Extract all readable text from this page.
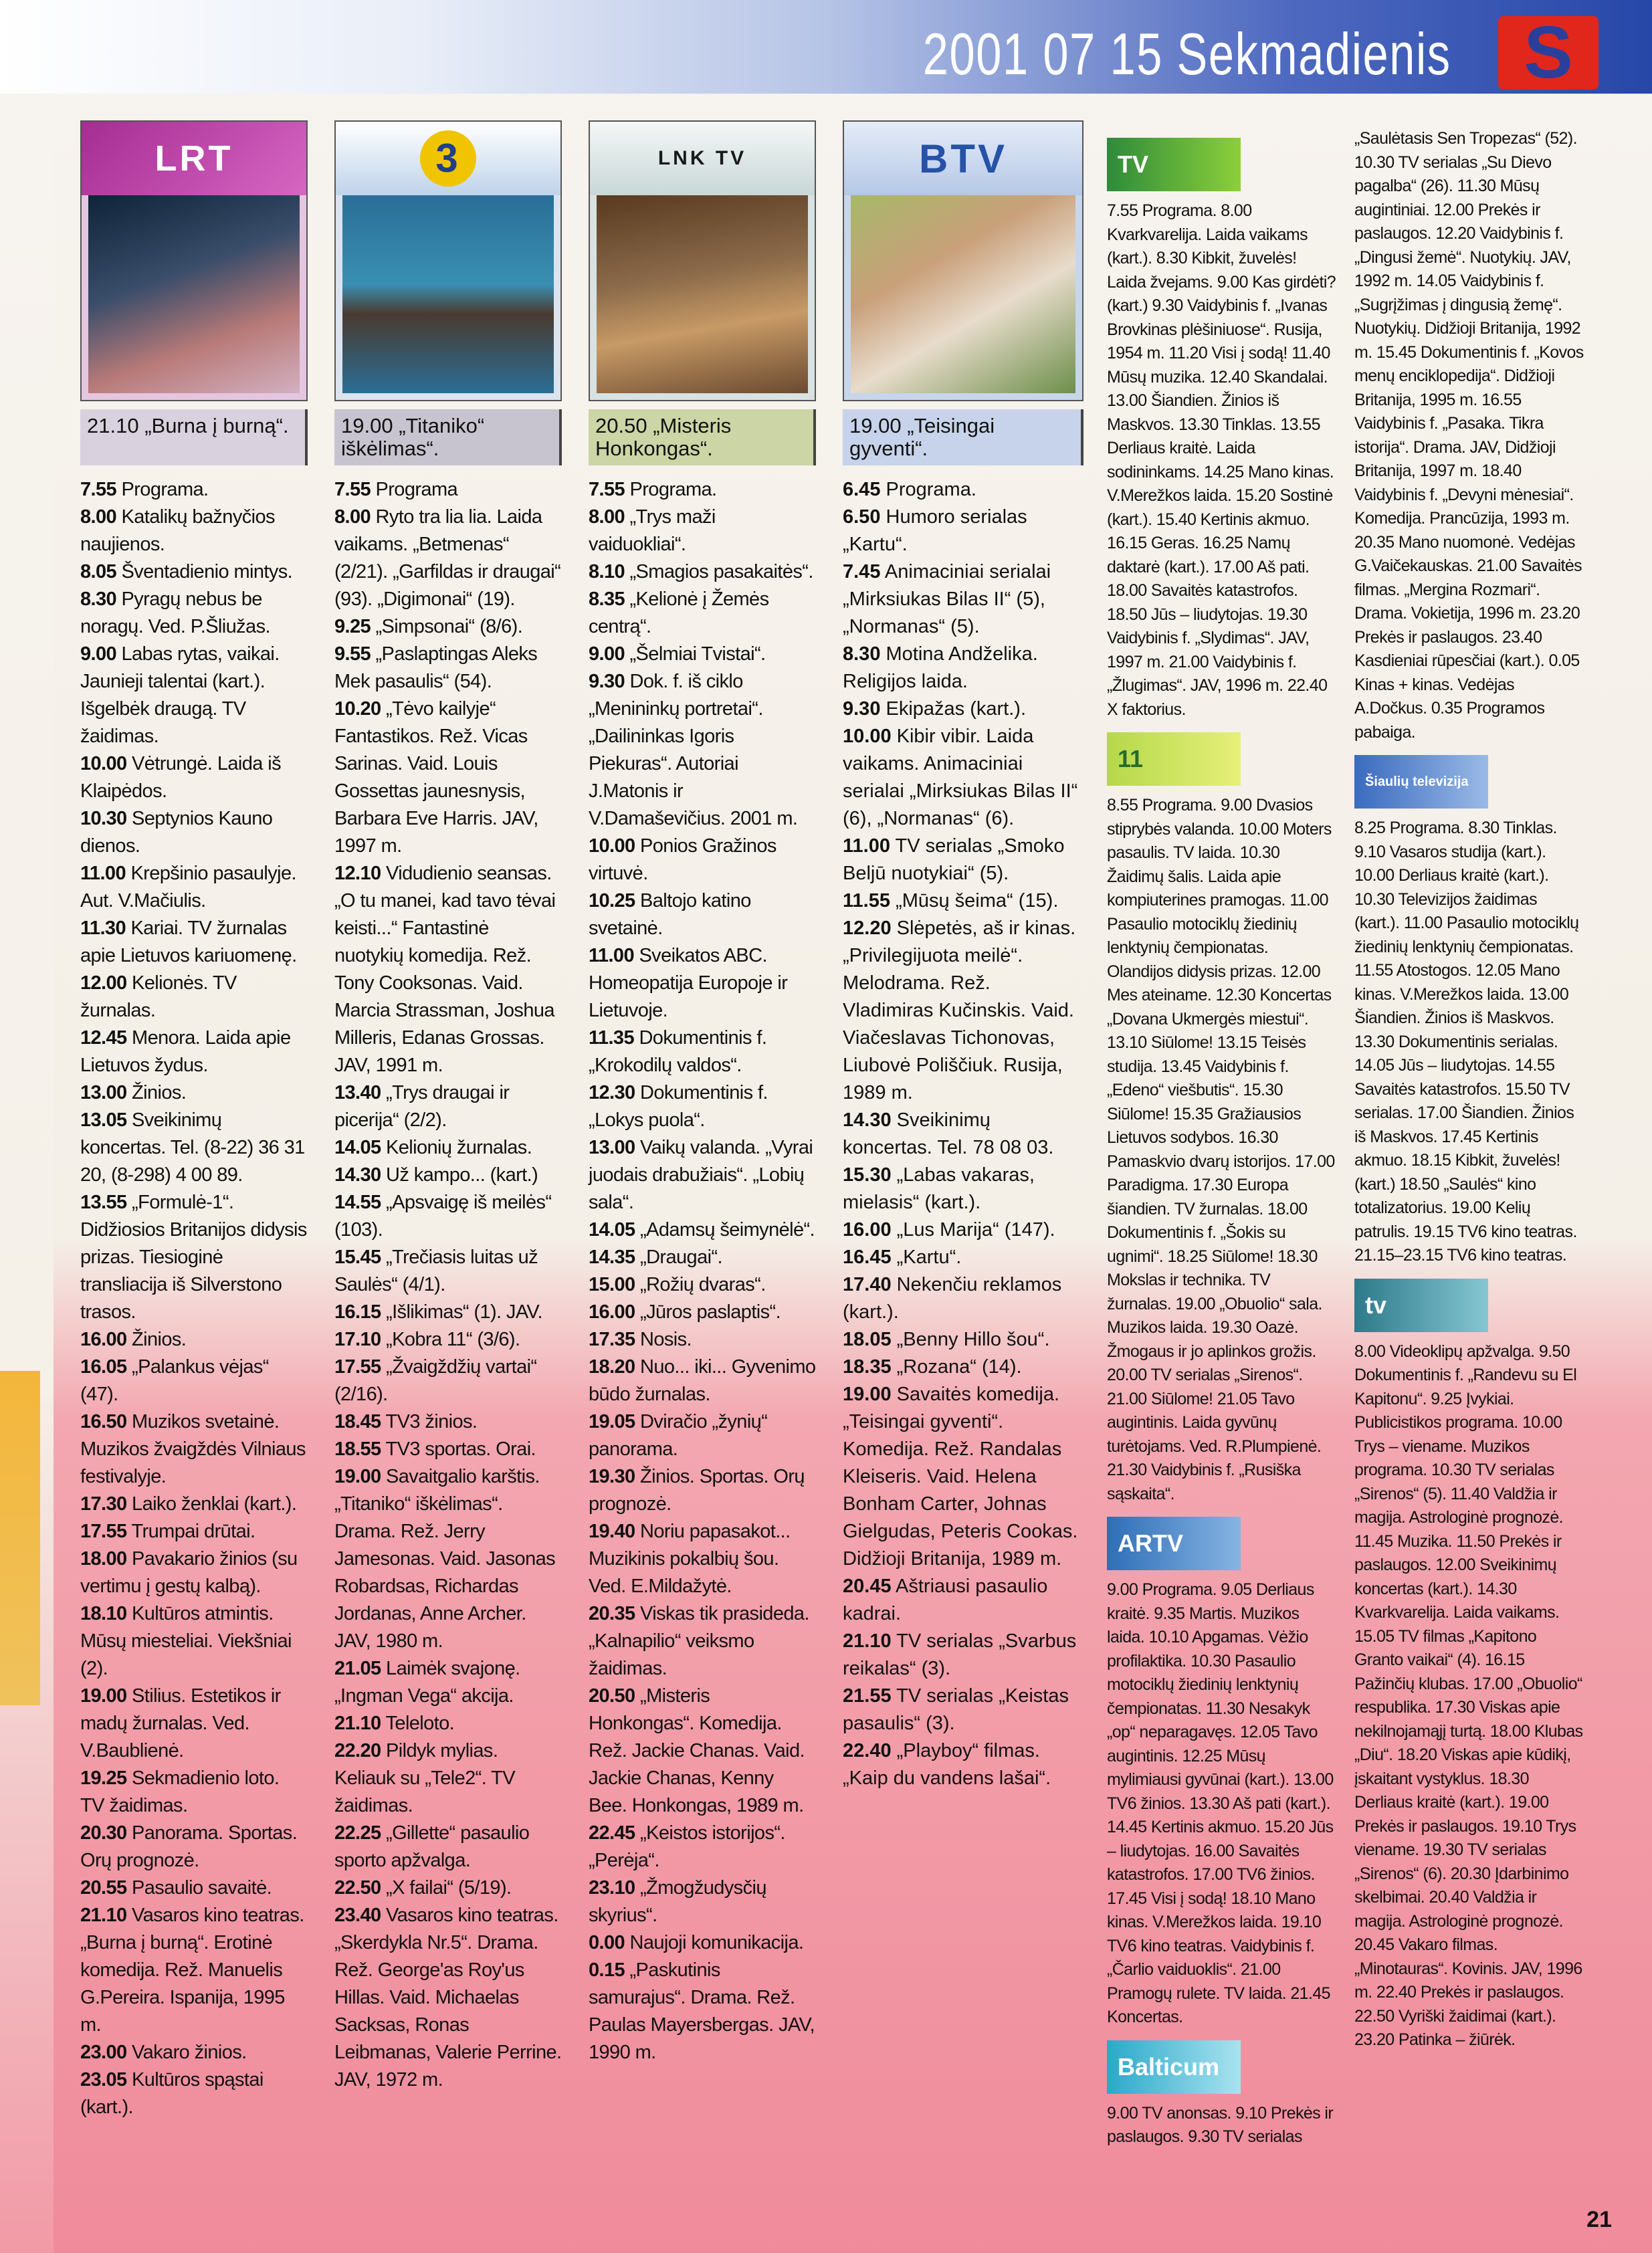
2001 07 15 Sekmadienis S
LRT
21.10 „Burna į burną“.
7.55 Programa.
8.00 Katalikų bažnyčios naujienos.
8.05 Šventadienio mintys.
8.30 Pyragų nebus be noragų. Ved. P.Šliužas.
9.00 Labas rytas, vaikai. Jaunieji talentai (kart.). Išgelbėk draugą. TV žaidimas.
10.00 Vėtrungė. Laida iš Klaipėdos.
10.30 Septynios Kauno dienos.
11.00 Krepšinio pasaulyje. Aut. V.Mačiulis.
11.30 Kariai. TV žurnalas apie Lietuvos kariuomenę.
12.00 Kelionės. TV žurnalas.
12.45 Menora. Laida apie Lietuvos žydus.
13.00 Žinios.
13.05 Sveikinimų koncertas. Tel. (8-22) 36 31 20, (8-298) 4 00 89.
13.55 „Formulė-1“. Didžiosios Britanijos didysis prizas. Tiesioginė transliacija iš Silverstono trasos.
16.00 Žinios.
16.05 „Palankus vėjas“ (47).
16.50 Muzikos svetainė. Muzikos žvaigždės Vilniaus festivalyje.
17.30 Laiko ženklai (kart.).
17.55 Trumpai drūtai.
18.00 Pavakario žinios (su vertimu į gestų kalbą).
18.10 Kultūros atmintis. Mūsų miesteliai. Viekšniai (2).
19.00 Stilius. Estetikos ir madų žurnalas. Ved. V.Baublienė.
19.25 Sekmadienio loto. TV žaidimas.
20.30 Panorama. Sportas. Orų prognozė.
20.55 Pasaulio savaitė.
21.10 Vasaros kino teatras. „Burna į burną“. Erotinė komedija. Rež. Manuelis G.Pereira. Ispanija, 1995 m.
23.00 Vakaro žinios.
23.05 Kultūros spąstai (kart.).
3
19.00 „Titaniko“ iškėlimas“.
7.55 Programa
8.00 Ryto tra lia lia. Laida vaikams. „Betmenas“ (2/21). „Garfildas ir draugai“ (93). „Digimonai“ (19).
9.25 „Simpsonai“ (8/6).
9.55 „Paslaptingas Aleks Mek pasaulis“ (54).
10.20 „Tėvo kailyje“ Fantastikos. Rež. Vicas Sarinas. Vaid. Louis Gossettas jaunesnysis, Barbara Eve Harris. JAV, 1997 m.
12.10 Vidudienio seansas. „O tu manei, kad tavo tėvai keisti...“ Fantastinė nuotykių komedija. Rež. Tony Cooksonas. Vaid. Marcia Strassman, Joshua Milleris, Edanas Grossas. JAV, 1991 m.
13.40 „Trys draugai ir picerija“ (2/2).
14.05 Kelionių žurnalas.
14.30 Už kampo... (kart.)
14.55 „Apsvaigę iš meilės“ (103).
15.45 „Trečiasis luitas už Saulės“ (4/1).
16.15 „Išlikimas“ (1). JAV.
17.10 „Kobra 11“ (3/6).
17.55 „Žvaigždžių vartai“ (2/16).
18.45 TV3 žinios.
18.55 TV3 sportas. Orai.
19.00 Savaitgalio karštis. „Titaniko“ iškėlimas“. Drama. Rež. Jerry Jamesonas. Vaid. Jasonas Robardsas, Richardas Jordanas, Anne Archer. JAV, 1980 m.
21.05 Laimėk svajonę. „Ingman Vega“ akcija.
21.10 Teleloto.
22.20 Pildyk mylias. Keliauk su „Tele2“. TV žaidimas.
22.25 „Gillette“ pasaulio sporto apžvalga.
22.50 „X failai“ (5/19).
23.40 Vasaros kino teatras. „Skerdykla Nr.5“. Drama. Rež. George'as Roy'us Hillas. Vaid. Michaelas Sacksas, Ronas Leibmanas, Valerie Perrine. JAV, 1972 m.
LNK TV
20.50 „Misteris Honkongas“.
7.55 Programa.
8.00 „Trys maži vaiduokliai“.
8.10 „Smagios pasakaitės“.
8.35 „Kelionė į Žemės centrą“.
9.00 „Šelmiai Tvistai“.
9.30 Dok. f. iš ciklo „Menininkų portretai“. „Dailininkas Igoris Piekuras“. Autoriai J.Matonis ir V.Damaševičius. 2001 m.
10.00 Ponios Gražinos virtuvė.
10.25 Baltojo katino svetainė.
11.00 Sveikatos ABC. Homeopatija Europoje ir Lietuvoje.
11.35 Dokumentinis f. „Krokodilų valdos“.
12.30 Dokumentinis f. „Lokys puola“.
13.00 Vaikų valanda. „Vyrai juodais drabužiais“. „Lobių sala“.
14.05 „Adamsų šeimynėlė“.
14.35 „Draugai“.
15.00 „Rožių dvaras“.
16.00 „Jūros paslaptis“.
17.35 Nosis.
18.20 Nuo... iki... Gyvenimo būdo žurnalas.
19.05 Dviračio „žynių“ panorama.
19.30 Žinios. Sportas. Orų prognozė.
19.40 Noriu papasakot... Muzikinis pokalbių šou. Ved. E.Mildažytė.
20.35 Viskas tik prasideda. „Kalnapilio“ veiksmo žaidimas.
20.50 „Misteris Honkongas“. Komedija. Rež. Jackie Chanas. Vaid. Jackie Chanas, Kenny Bee. Honkongas, 1989 m.
22.45 „Keistos istorijos“. „Perėja“.
23.10 „Žmogžudysčių skyrius“.
0.00 Naujoji komunikacija.
0.15 „Paskutinis samurajus“. Drama. Rež. Paulas Mayersbergas. JAV, 1990 m.
BTV
19.00 „Teisingai gyventi“.
6.45 Programa.
6.50 Humoro serialas „Kartu“.
7.45 Animaciniai serialai „Mirksiukas Bilas II“ (5), „Normanas“ (5).
8.30 Motina Andželika. Religijos laida.
9.30 Ekipažas (kart.).
10.00 Kibir vibir. Laida vaikams. Animaciniai serialai „Mirksiukas Bilas II“ (6), „Normanas“ (6).
11.00 TV serialas „Smoko Beljū nuotykiai“ (5).
11.55 „Mūsų šeima“ (15).
12.20 Slėpetės, aš ir kinas. „Privilegijuota meilė“. Melodrama. Rež. Vladimiras Kučinskis. Vaid. Viačeslavas Tichonovas, Liubovė Poliščiuk. Rusija, 1989 m.
14.30 Sveikinimų koncertas. Tel. 78 08 03.
15.30 „Labas vakaras, mielasis“ (kart.).
16.00 „Lus Marija“ (147).
16.45 „Kartu“.
17.40 Nekenčiu reklamos (kart.).
18.05 „Benny Hillo šou“.
18.35 „Rozana“ (14).
19.00 Savaitės komedija. „Teisingai gyventi“. Komedija. Rež. Randalas Kleiseris. Vaid. Helena Bonham Carter, Johnas Gielgudas, Peteris Cookas. Didžioji Britanija, 1989 m.
20.45 Aštriausi pasaulio kadrai.
21.10 TV serialas „Svarbus reikalas“ (3).
21.55 TV serialas „Keistas pasaulis“ (3).
22.40 „Playboy“ filmas. „Kaip du vandens lašai“.
TV
7.55 Programa. 8.00 Kvarkvarelija. Laida vaikams (kart.). 8.30 Kibkit, žuvelės! Laida žvejams. 9.00 Kas girdėti? (kart.) 9.30 Vaidybinis f. „Ivanas Brovkinas plėšiniuose“. Rusija, 1954 m. 11.20 Visi į sodą! 11.40 Mūsų muzika. 12.40 Skandalai. 13.00 Šiandien. Žinios iš Maskvos. 13.30 Tinklas. 13.55 Derliaus kraitė. Laida sodininkams. 14.25 Mano kinas. V.Merežkos laida. 15.20 Sostinė (kart.). 15.40 Kertinis akmuo. 16.15 Geras. 16.25 Namų daktarė (kart.). 17.00 Aš pati. 18.00 Savaitės katastrofos. 18.50 Jūs – liudytojas. 19.30 Vaidybinis f. „Slydimas“. JAV, 1997 m. 21.00 Vaidybinis f. „Žlugimas“. JAV, 1996 m. 22.40 X faktorius.
11
8.55 Programa. 9.00 Dvasios stiprybės valanda. 10.00 Moters pasaulis. TV laida. 10.30 Žaidimų šalis. Laida apie kompiuterines pramogas. 11.00 Pasaulio motociklų žiedinių lenktynių čempionatas. Olandijos didysis prizas. 12.00 Mes ateiname. 12.30 Koncertas „Dovana Ukmergės miestui“. 13.10 Siūlome! 13.15 Teisės studija. 13.45 Vaidybinis f. „Edeno“ viešbutis“. 15.30 Siūlome! 15.35 Gražiausios Lietuvos sodybos. 16.30 Pamaskvio dvarų istorijos. 17.00 Paradigma. 17.30 Europa šiandien. TV žurnalas. 18.00 Dokumentinis f. „Šokis su ugnimi“. 18.25 Siūlome! 18.30 Mokslas ir technika. TV žurnalas. 19.00 „Obuolio“ sala. Muzikos laida. 19.30 Oazė. Žmogaus ir jo aplinkos grožis. 20.00 TV serialas „Sirenos“. 21.00 Siūlome! 21.05 Tavo augintinis. Laida gyvūnų turėtojams. Ved. R.Plumpienė. 21.30 Vaidybinis f. „Rusiška sąskaita“.
ARTV
9.00 Programa. 9.05 Derliaus kraitė. 9.35 Martis. Muzikos laida. 10.10 Apgamas. Vėžio profilaktika. 10.30 Pasaulio motociklų žiedinių lenktynių čempionatas. 11.30 Nesakyk „op“ neparagavęs. 12.05 Tavo augintinis. 12.25 Mūsų mylimiausi gyvūnai (kart.). 13.00 TV6 žinios. 13.30 Aš pati (kart.). 14.45 Kertinis akmuo. 15.20 Jūs – liudytojas. 16.00 Savaitės katastrofos. 17.00 TV6 žinios. 17.45 Visi į sodą! 18.10 Mano kinas. V.Merežkos laida. 19.10 TV6 kino teatras. Vaidybinis f. „Čarlio vaiduoklis“. 21.00 Pramogų rulete. TV laida. 21.45 Koncertas.
Balticum
9.00 TV anonsas. 9.10 Prekės ir paslaugos. 9.30 TV serialas
„Saulėtasis Sen Tropezas“ (52). 10.30 TV serialas „Su Dievo pagalba“ (26). 11.30 Mūsų augintiniai. 12.00 Prekės ir paslaugos. 12.20 Vaidybinis f. „Dingusi žemė“. Nuotykių. JAV, 1992 m. 14.05 Vaidybinis f. „Sugrįžimas į dingusią žemę“. Nuotykių. Didžioji Britanija, 1992 m. 15.45 Dokumentinis f. „Kovos menų enciklopedija“. Didžioji Britanija, 1995 m. 16.55 Vaidybinis f. „Pasaka. Tikra istorija“. Drama. JAV, Didžioji Britanija, 1997 m. 18.40 Vaidybinis f. „Devyni mėnesiai“. Komedija. Prancūzija, 1993 m. 20.35 Mano nuomonė. Vedėjas G.Vaičekauskas. 21.00 Savaitės filmas. „Mergina Rozmari“. Drama. Vokietija, 1996 m. 23.20 Prekės ir paslaugos. 23.40 Kasdieniai rūpesčiai (kart.). 0.05 Kinas + kinas. Vedėjas A.Dočkus. 0.35 Programos pabaiga.
Šiaulių televizija
8.25 Programa. 8.30 Tinklas. 9.10 Vasaros studija (kart.). 10.00 Derliaus kraitė (kart.). 10.30 Televizijos žaidimas (kart.). 11.00 Pasaulio motociklų žiedinių lenktynių čempionatas. 11.55 Atostogos. 12.05 Mano kinas. V.Merežkos laida. 13.00 Šiandien. Žinios iš Maskvos. 13.30 Dokumentinis serialas. 14.05 Jūs – liudytojas. 14.55 Savaitės katastrofos. 15.50 TV serialas. 17.00 Šiandien. Žinios iš Maskvos. 17.45 Kertinis akmuo. 18.15 Kibkit, žuvelės! (kart.) 18.50 „Saulės“ kino totalizatorius. 19.00 Kelių patrulis. 19.15 TV6 kino teatras. 21.15–23.15 TV6 kino teatras.
tv
8.00 Videoklipų apžvalga. 9.50 Dokumentinis f. „Randevu su El Kapitonu“. 9.25 Įvykiai. Publicistikos programa. 10.00 Trys – viename. Muzikos programa. 10.30 TV serialas „Sirenos“ (5). 11.40 Valdžia ir magija. Astrologinė prognozė. 11.45 Muzika. 11.50 Prekės ir paslaugos. 12.00 Sveikinimų koncertas (kart.). 14.30 Kvarkvarelija. Laida vaikams. 15.05 TV filmas „Kapitono Granto vaikai“ (4). 16.15 Pažinčių klubas. 17.00 „Obuolio“ respublika. 17.30 Viskas apie nekilnojamąjį turtą. 18.00 Klubas „Diu“. 18.20 Viskas apie kūdikį, įskaitant vystyklus. 18.30 Derliaus kraitė (kart.). 19.00 Prekės ir paslaugos. 19.10 Trys viename. 19.30 TV serialas „Sirenos“ (6). 20.30 Įdarbinimo skelbimai. 20.40 Valdžia ir magija. Astrologinė prognozė. 20.45 Vakaro filmas. „Minotauras“. Kovinis. JAV, 1996 m. 22.40 Prekės ir paslaugos. 22.50 Vyriški žaidimai (kart.). 23.20 Patinka – žiūrėk.
21
